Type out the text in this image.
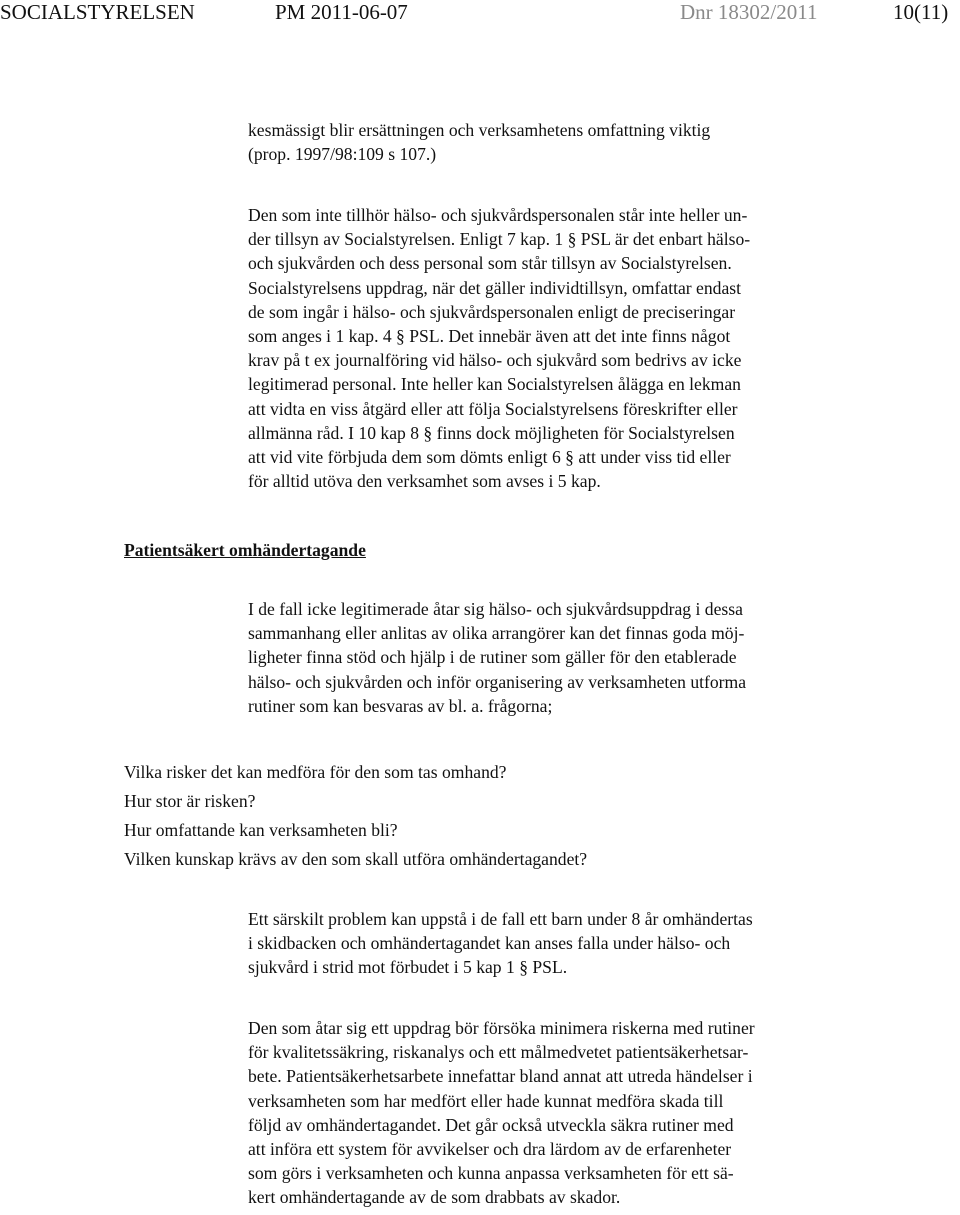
SOCIALSTYRELSEN	PM 2011-06-07	Dnr 18302/2011	10(11)

kesmässigt blir ersättningen och verksamhetens omfattning viktig
(prop. 1997/98:109 s 107.)

Den som inte tillhör hälso- och sjukvårdspersonalen står inte heller un-
der tillsyn av Socialstyrelsen. Enligt 7 kap. 1 § PSL är det enbart hälso-
och sjukvården och dess personal som står tillsyn av Socialstyrelsen.
Socialstyrelsens uppdrag, när det gäller individtillsyn, omfattar endast
de som ingår i hälso- och sjukvårdspersonalen enligt de preciseringar
som anges i 1 kap. 4 § PSL. Det innebär även att det inte finns något
krav på t ex journalföring vid hälso- och sjukvård som bedrivs av icke
legitimerad personal. Inte heller kan Socialstyrelsen ålägga en lekman
att vidta en viss åtgärd eller att följa Socialstyrelsens föreskrifter eller
allmänna råd. I 10 kap 8 § finns dock möjligheten för Socialstyrelsen
att vid vite förbjuda dem som dömts enligt 6 § att under viss tid eller
för alltid utöva den verksamhet som avses i 5 kap.

I de fall icke legitimerade åtar sig hälso- och sjukvårdsuppdrag i dessa
sammanhang eller anlitas av olika arrangörer kan det finnas goda möj-
ligheter finna stöd och hjälp i de rutiner som gäller för den etablerade
hälso- och sjukvården och inför organisering av verksamheten utforma
rutiner som kan besvaras av bl. a. frågorna;

Ett särskilt problem kan uppstå i de fall ett barn under 8 år omhändertas
i skidbacken och omhändertagandet kan anses falla under hälso- och
sjukvård i strid mot förbudet i 5 kap 1 § PSL.

Den som åtar sig ett uppdrag bör försöka minimera riskerna med rutiner
för kvalitetssäkring, riskanalys och ett målmedvetet patientsäkerhetsar-
bete. Patientsäkerhetsarbete innefattar bland annat att utreda händelser i
verksamheten som har medfört eller hade kunnat medföra skada till
följd av omhändertagandet. Det går också utveckla säkra rutiner med
att införa ett system för avvikelser och dra lärdom av de erfarenheter
som görs i verksamheten och kunna anpassa verksamheten för ett sä-
kert omhändertagande av de som drabbats av skador.

Patientsäkert omhändertagande
Vilka risker det kan medföra för den som tas omhand?
Hur stor är risken?
Hur omfattande kan verksamheten bli?
Vilken kunskap krävs av den som skall utföra omhändertagandet?
